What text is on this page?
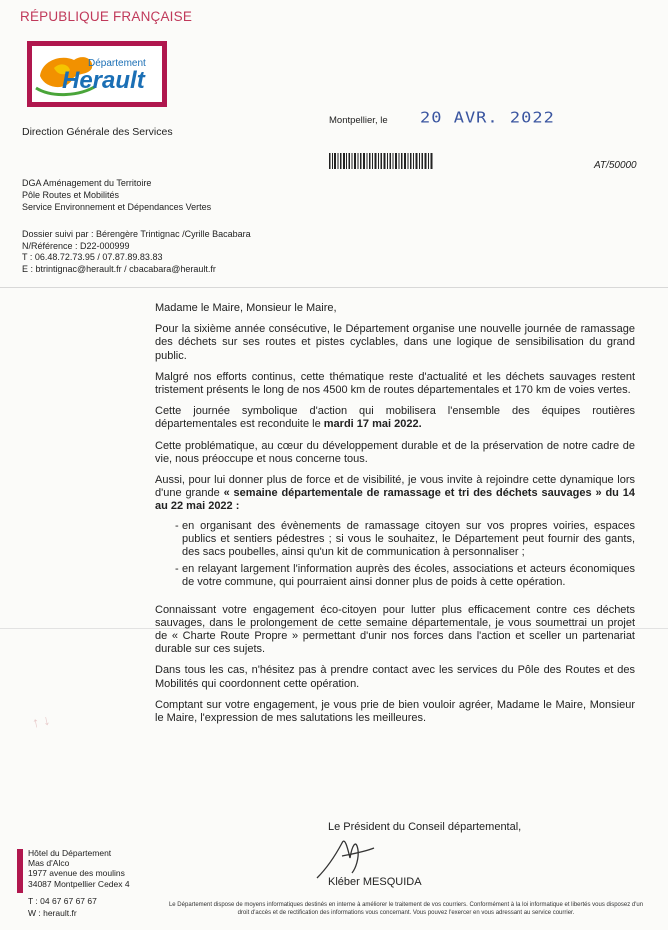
RÉPUBLIQUE FRANÇAISE
Département
Herault
Direction Générale des Services
Montpellier, le 20 AVR. 2022
AT/50000
DGA Aménagement du Territoire
Pôle Routes et Mobilités
Service Environnement et Dépendances Vertes
Dossier suivi par : Bérengère Trintignac /Cyrille Bacabara
N/Référence : D22-000999
T : 06.48.72.73.95 / 07.87.89.83.83
E : btrintignac@herault.fr / cbacabara@herault.fr

Madame le Maire, Monsieur le Maire,

Pour la sixième année consécutive, le Département organise une nouvelle journée de ramassage des déchets sur ses routes et pistes cyclables, dans une logique de sensibilisation du grand public.

Malgré nos efforts continus, cette thématique reste d'actualité et les déchets sauvages restent tristement présents le long de nos 4500 km de routes départementales et 170 km de voies vertes.

Cette journée symbolique d'action qui mobilisera l'ensemble des équipes routières départementales est reconduite le mardi 17 mai 2022.

Cette problématique, au cœur du développement durable et de la préservation de notre cadre de vie, nous préoccupe et nous concerne tous.

Aussi, pour lui donner plus de force et de visibilité, je vous invite à rejoindre cette dynamique lors d'une grande « semaine départementale de ramassage et tri des déchets sauvages » du 14 au 22 mai 2022 :

- en organisant des évènements de ramassage citoyen sur vos propres voiries, espaces publics et sentiers pédestres ; si vous le souhaitez, le Département peut fournir des gants, des sacs poubelles, ainsi qu'un kit de communication à personnaliser ;
- en relayant largement l'information auprès des écoles, associations et acteurs économiques de votre commune, qui pourraient ainsi donner plus de poids à cette opération.

Connaissant votre engagement éco-citoyen pour lutter plus efficacement contre ces déchets sauvages, dans le prolongement de cette semaine départementale, je vous soumettrai un projet de « Charte Route Propre » permettant d'unir nos forces dans l'action et sceller un partenariat durable sur ces sujets.

Dans tous les cas, n'hésitez pas à prendre contact avec les services du Pôle des Routes et des Mobilités qui coordonnent cette opération.

Comptant sur votre engagement, je vous prie de bien vouloir agréer, Madame le Maire, Monsieur le Maire, l'expression de mes salutations les meilleures.

↑ ↓
Le Président du Conseil départemental,
Kléber MESQUIDA
Hôtel du Département
Mas d'Alco
1977 avenue des moulins
34087 Montpellier Cedex 4
T : 04 67 67 67 67
W : herault.fr
Le Département dispose de moyens informatiques destinés en interne à améliorer le traitement de vos courriers. Conformément à la loi informatique et libertés vous disposez d'un droit d'accès et de rectification des informations vous concernant. Vous pouvez l'exercer en vous adressant au service courrier.
